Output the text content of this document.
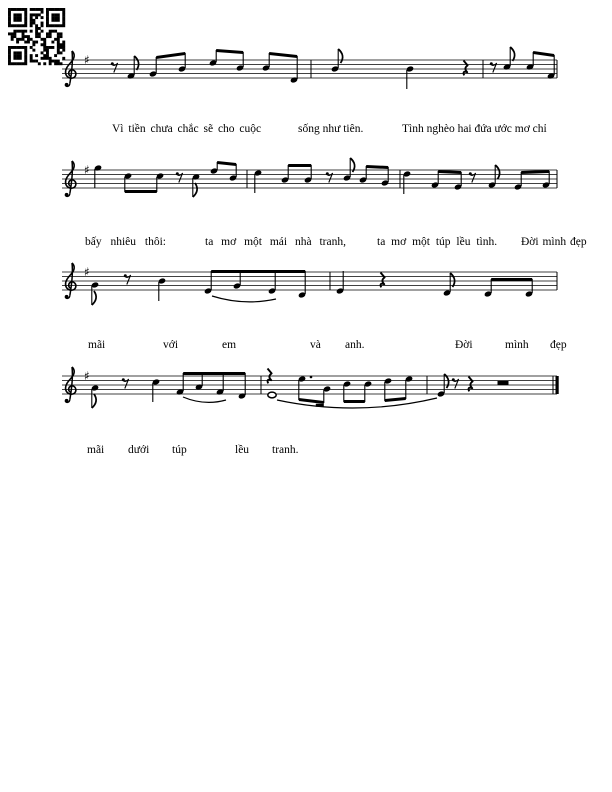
♯
♯
♯
♯
Vì tiền chưa chắc sẽ cho cuộc	sống như tiên.	Tình nghèo hai đứa ước mơ chỉ
bấy nhiêu thôi:	ta mơ một mái nhà tranh,	ta mơ một túp lều tình. Đời mình đẹp
mãi	với	em	và anh.	Đời	mình đẹp
mãi dưới túp	lều tranh.
